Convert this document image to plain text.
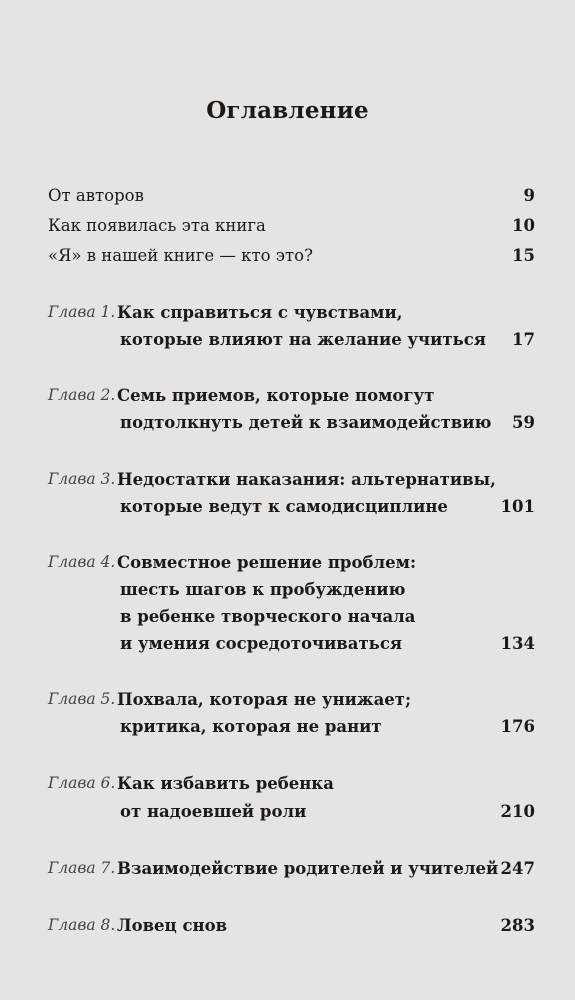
Оглавление
От авторов	9
Как появилась эта книга	10
«Я» в нашей книге — кто это?	15
Глава 1. Как справиться с чувствами,
которые влияют на желание учиться 17
Глава 2. Семь приемов, которые помогут
подтолкнуть детей к взаимодействию 59
Глава 3. Недостатки наказания: альтернативы,
которые ведут к самодисциплине	101
Глава 4. Совместное решение проблем:
шесть шагов к пробуждению
в ребенке творческого начала
и умения сосредоточиваться	134
Глава 5. Похвала, которая не унижает;
критика, которая не ранит	176
Глава 6. Как избавить ребенка
от надоевшей роли	210
Глава 7. Взаимодействие родителей и учителей 247
Глава 8. Ловец снов	283
